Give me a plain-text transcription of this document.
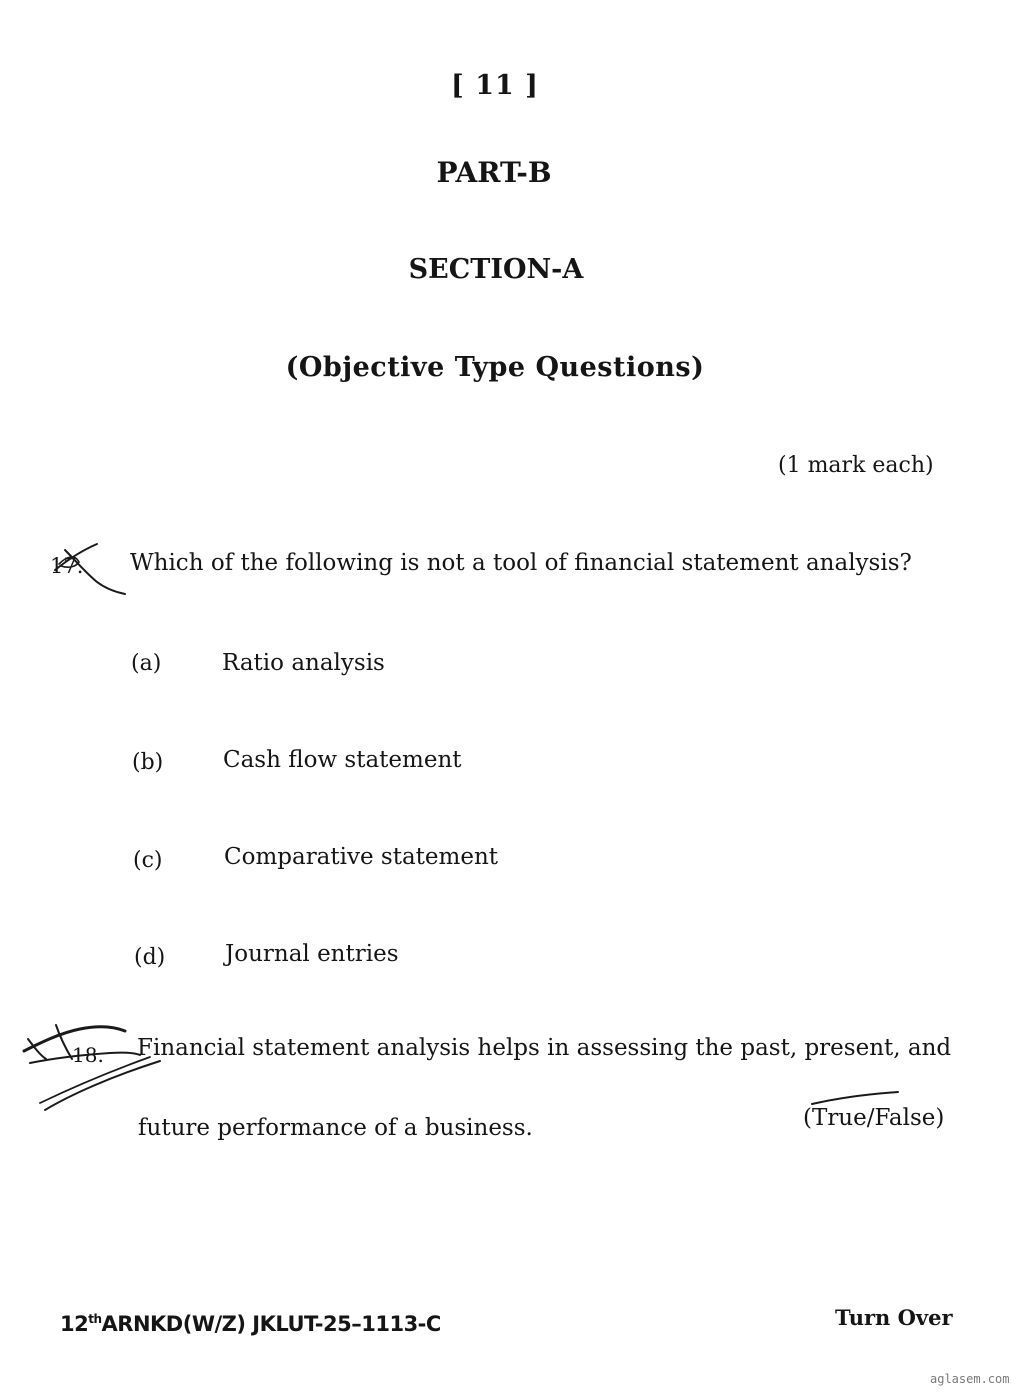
[ 11 ]
PART-B
SECTION-A
(Objective Type Questions)
(1 mark each)
17. Which of the following is not a tool of financial statement analysis?
(a)	Ratio analysis
(b)	Cash flow statement
(c)	Comparative statement
(d)	Journal entries
18. Financial statement analysis helps in assessing the past, present, and
future performance of a business.	(True/False)
12thARNKD(W/Z) JKLUT-25–1113-C	Turn Over
aglasem.com
